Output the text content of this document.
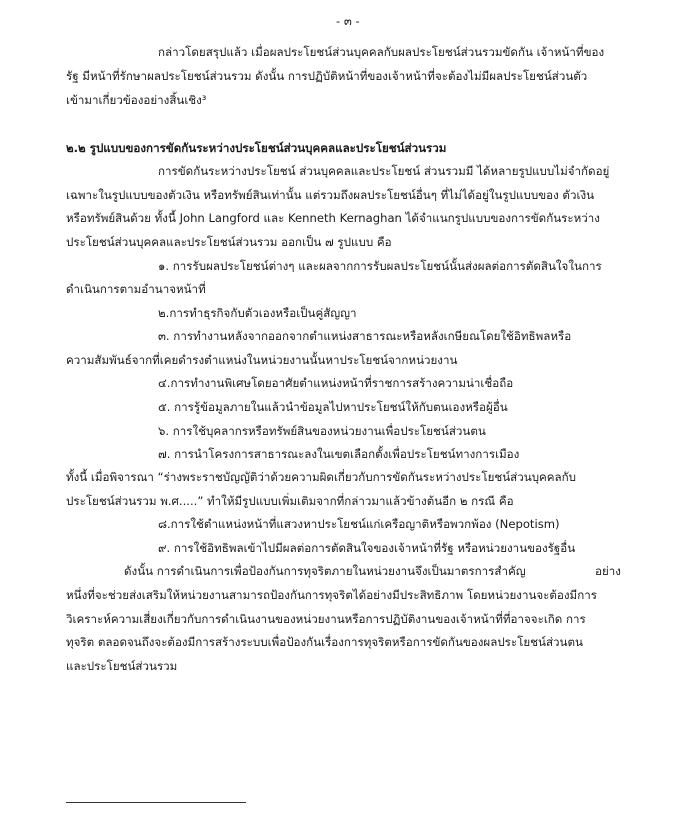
- ๓ -
กล่าวโดยสรุปแล้ว เมื่อผลประโยชน์ส่วนบุคคลกับผลประโยชน์ส่วนรวมขัดกัน เจ้าหน้าที่ของ
รัฐ มีหน้าที่รักษาผลประโยชน์ส่วนรวม ดังนั้น การปฏิบัติหน้าที่ของเจ้าหน้าที่จะต้องไม่มีผลประโยชน์ส่วนตัว
เข้ามาเกี่ยวข้องอย่างสิ้นเชิง³
๒.๒ รูปแบบของการขัดกันระหว่างประโยชน์ส่วนบุคคลและประโยชน์ส่วนรวม
การขัดกันระหว่างประโยชน์ ส่วนบุคคลและประโยชน์ ส่วนรวมมี ได้หลายรูปแบบไม่จำกัดอยู่
เฉพาะในรูปแบบของตัวเงิน หรือทรัพย์สินเท่านั้น แต่รวมถึงผลประโยชน์อื่นๆ ที่ไม่ได้อยู่ในรูปแบบของ ตัวเงิน
หรือทรัพย์สินด้วย ทั้งนี้ John Langford และ Kenneth Kernaghan ได้จำแนกรูปแบบของการขัดกันระหว่าง
ประโยชน์ส่วนบุคคลและประโยชน์ส่วนรวม ออกเป็น ๗ รูปแบบ คือ
๑. การรับผลประโยชน์ต่างๆ และผลจากการรับผลประโยชน์นั้นส่งผลต่อการตัดสินใจในการ
ดำเนินการตามอำนาจหน้าที่
๒.การทำธุรกิจกับตัวเองหรือเป็นคู่สัญญา
๓. การทำงานหลังจากออกจากตำแหน่งสาธารณะหรือหลังเกษียณโดยใช้อิทธิพลหรือ
ความสัมพันธ์จากที่เคยดำรงตำแหน่งในหน่วยงานนั้นหาประโยชน์จากหน่วยงาน
๔.การทำงานพิเศษโดยอาศัยตำแหน่งหน้าที่ราชการสร้างความน่าเชื่อถือ
๕. การรู้ข้อมูลภายในแล้วนำข้อมูลไปหาประโยชน์ให้กับตนเองหรือผู้อื่น
๖. การใช้บุคลากรหรือทรัพย์สินของหน่วยงานเพื่อประโยชน์ส่วนตน
๗. การนำโครงการสาธารณะลงในเขตเลือกตั้งเพื่อประโยชน์ทางการเมือง
ทั้งนี้ เมื่อพิจารณา “ร่างพระราชบัญญัติว่าด้วยความผิดเกี่ยวกับการขัดกันระหว่างประโยชน์ส่วนบุคคลกับ
ประโยชน์ส่วนรวม พ.ศ.....” ทำให้มีรูปแบบเพิ่มเติมจากที่กล่าวมาแล้วข้างต้นอีก ๒ กรณี คือ
๘.การใช้ตำแหน่งหน้าที่แสวงหาประโยชน์แก่เครือญาติหรือพวกพ้อง (Nepotism)
๙. การใช้อิทธิพลเข้าไปมีผลต่อการตัดสินใจของเจ้าหน้าที่รัฐ หรือหน่วยงานของรัฐอื่น
ดังนั้น การดำเนินการเพื่อป้องกันการทุจริตภายในหน่วยงานจึงเป็นมาตรการสำคัญ	อย่าง
หนึ่งที่จะช่วยส่งเสริมให้หน่วยงานสามารถป้องกันการทุจริตได้อย่างมีประสิทธิภาพ โดยหน่วยงานจะต้องมีการ
วิเคราะห์ความเสี่ยงเกี่ยวกับการดำเนินงานของหน่วยงานหรือการปฏิบัติงานของเจ้าหน้าที่ที่อาจจะเกิด การ
ทุจริต ตลอดจนถึงจะต้องมีการสร้างระบบเพื่อป้องกันเรื่องการทุจริตหรือการขัดกันของผลประโยชน์ส่วนตน
และประโยชน์ส่วนรวม
